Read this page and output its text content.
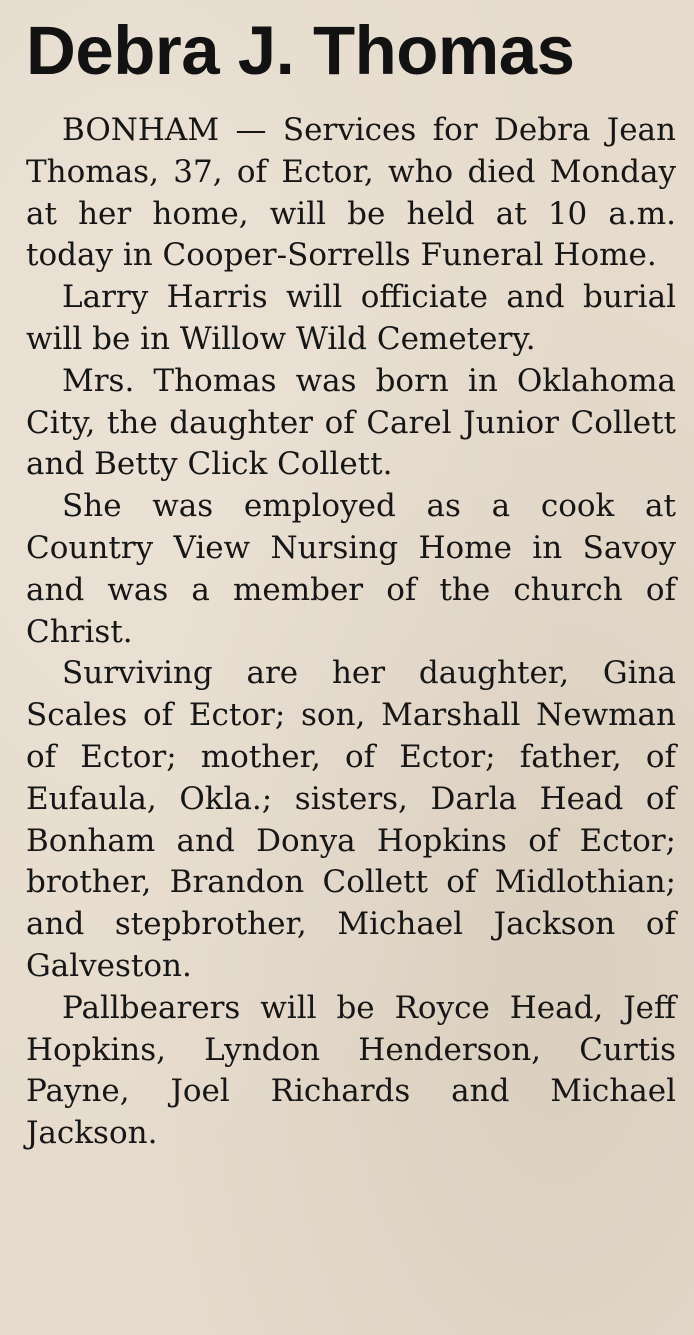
Debra J. Thomas

BONHAM — Services for Debra Jean Thomas, 37, of Ector, who died Monday at her home, will be held at 10 a.m. today in Cooper-Sorrells Funeral Home.

Larry Harris will officiate and burial will be in Willow Wild Cemetery.

Mrs. Thomas was born in Oklahoma City, the daughter of Carel Junior Collett and Betty Click Collett.

She was employed as a cook at Country View Nursing Home in Savoy and was a member of the church of Christ.

Surviving are her daughter, Gina Scales of Ector; son, Marshall Newman of Ector; mother, of Ector; father, of Eufaula, Okla.; sisters, Darla Head of Bonham and Donya Hopkins of Ector; brother, Brandon Collett of Midlothian; and stepbrother, Michael Jackson of Galveston.

Pallbearers will be Royce Head, Jeff Hopkins, Lyndon Henderson, Curtis Payne, Joel Richards and Michael Jackson.
